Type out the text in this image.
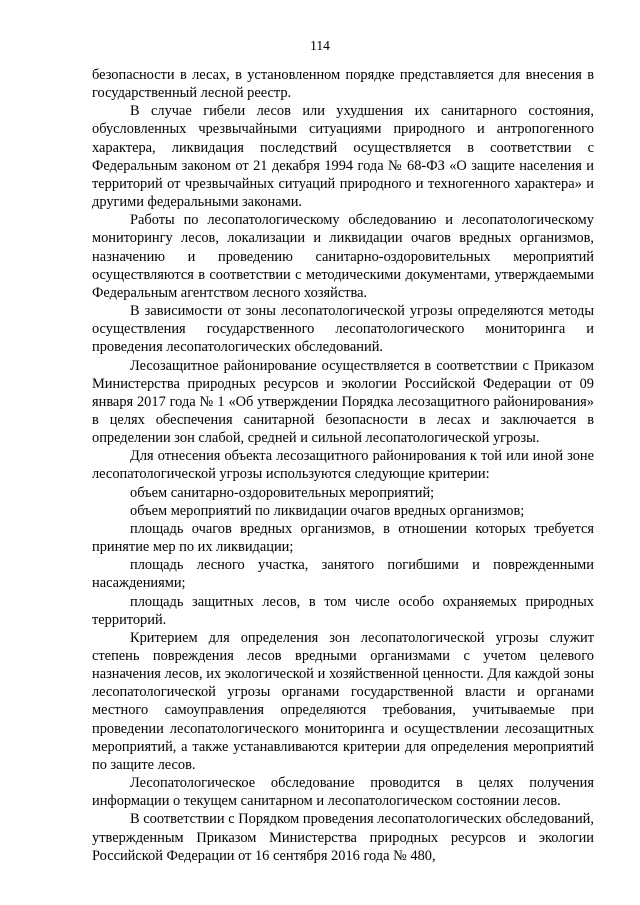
114

безопасности в лесах, в установленном порядке представляется для внесения в государственный лесной реестр.

В случае гибели лесов или ухудшения их санитарного состояния, обусловленных чрезвычайными ситуациями природного и антропогенного характера, ликвидация последствий осуществляется в соответствии с Федеральным законом от 21 декабря 1994 года № 68-ФЗ «О защите населения и территорий от чрезвычайных ситуаций природного и техногенного характера» и другими федеральными законами.

Работы по лесопатологическому обследованию и лесопатологическому мониторингу лесов, локализации и ликвидации очагов вредных организмов, назначению и проведению санитарно-оздоровительных мероприятий осуществляются в соответствии с методическими документами, утверждаемыми Федеральным агентством лесного хозяйства.

В зависимости от зоны лесопатологической угрозы определяются методы осуществления государственного лесопатологического мониторинга и проведения лесопатологических обследований.

Лесозащитное районирование осуществляется в соответствии с Приказом Министерства природных ресурсов и экологии Российской Федерации от 09 января 2017 года № 1 «Об утверждении Порядка лесозащитного районирования» в целях обеспечения санитарной безопасности в лесах и заключается в определении зон слабой, средней и сильной лесопатологической угрозы.

Для отнесения объекта лесозащитного районирования к той или иной зоне лесопатологической угрозы используются следующие критерии:

объем санитарно-оздоровительных мероприятий;

объем мероприятий по ликвидации очагов вредных организмов;

площадь очагов вредных организмов, в отношении которых требуется принятие мер по их ликвидации;

площадь лесного участка, занятого погибшими и поврежденными насаждениями;

площадь защитных лесов, в том числе особо охраняемых природных территорий.

Критерием для определения зон лесопатологической угрозы служит степень повреждения лесов вредными организмами с учетом целевого назначения лесов, их экологической и хозяйственной ценности. Для каждой зоны лесопатологической угрозы органами государственной власти и органами местного самоуправления определяются требования, учитываемые при проведении лесопатологического мониторинга и осуществлении лесозащитных мероприятий, а также устанавливаются критерии для определения мероприятий по защите лесов.

Лесопатологическое обследование проводится в целях получения информации о текущем санитарном и лесопатологическом состоянии лесов.

В соответствии с Порядком проведения лесопатологических обследований, утвержденным Приказом Министерства природных ресурсов и экологии Российской Федерации от 16 сентября 2016 года № 480,
